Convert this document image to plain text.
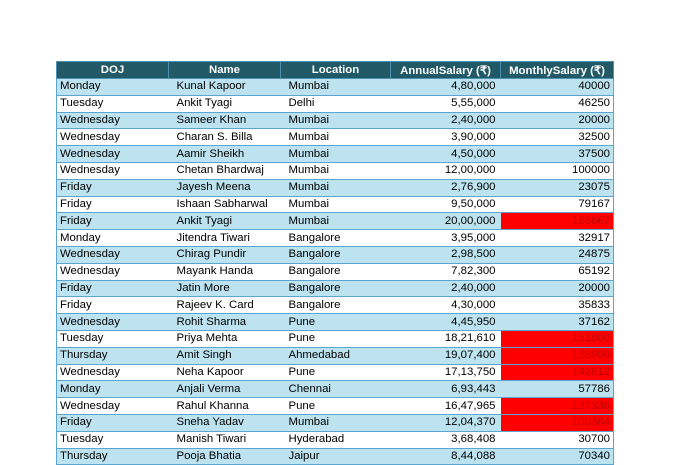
DOJ	Name	Location	AnnualSalary (₹)	MonthlySalary (₹)
Monday	Kunal Kapoor	Mumbai	4,80,000	40000
Tuesday	Ankit Tyagi	Delhi	5,55,000	46250
Wednesday	Sameer Khan	Mumbai	2,40,000	20000
Wednesday	Charan S. Billa	Mumbai	3,90,000	32500
Wednesday	Aamir Sheikh	Mumbai	4,50,000	37500
Wednesday	Chetan Bhardwaj	Mumbai	12,00,000	100000
Friday	Jayesh Meena	Mumbai	2,76,900	23075
Friday	Ishaan Sabharwal	Mumbai	9,50,000	79167
Friday	Ankit Tyagi	Mumbai	20,00,000	166667
Monday	Jitendra Tiwari	Bangalore	3,95,000	32917
Wednesday	Chirag Pundir	Bangalore	2,98,500	24875
Wednesday	Mayank Handa	Bangalore	7,82,300	65192
Friday	Jatin More	Bangalore	2,40,000	20000
Friday	Rajeev K. Card	Bangalore	4,30,000	35833
Wednesday	Rohit Sharma	Pune	4,45,950	37162
Tuesday	Priya Mehta	Pune	18,21,610	151800
Thursday	Amit Singh	Ahmedabad	19,07,400	158950
Wednesday	Neha Kapoor	Pune	17,13,750	142812
Monday	Anjali Verma	Chennai	6,93,443	57786
Wednesday	Rahul Khanna	Pune	16,47,965	137330
Friday	Sneha Yadav	Mumbai	12,04,370	100364
Tuesday	Manish Tiwari	Hyderabad	3,68,408	30700
Thursday	Pooja Bhatia	Jaipur	8,44,088	70340
